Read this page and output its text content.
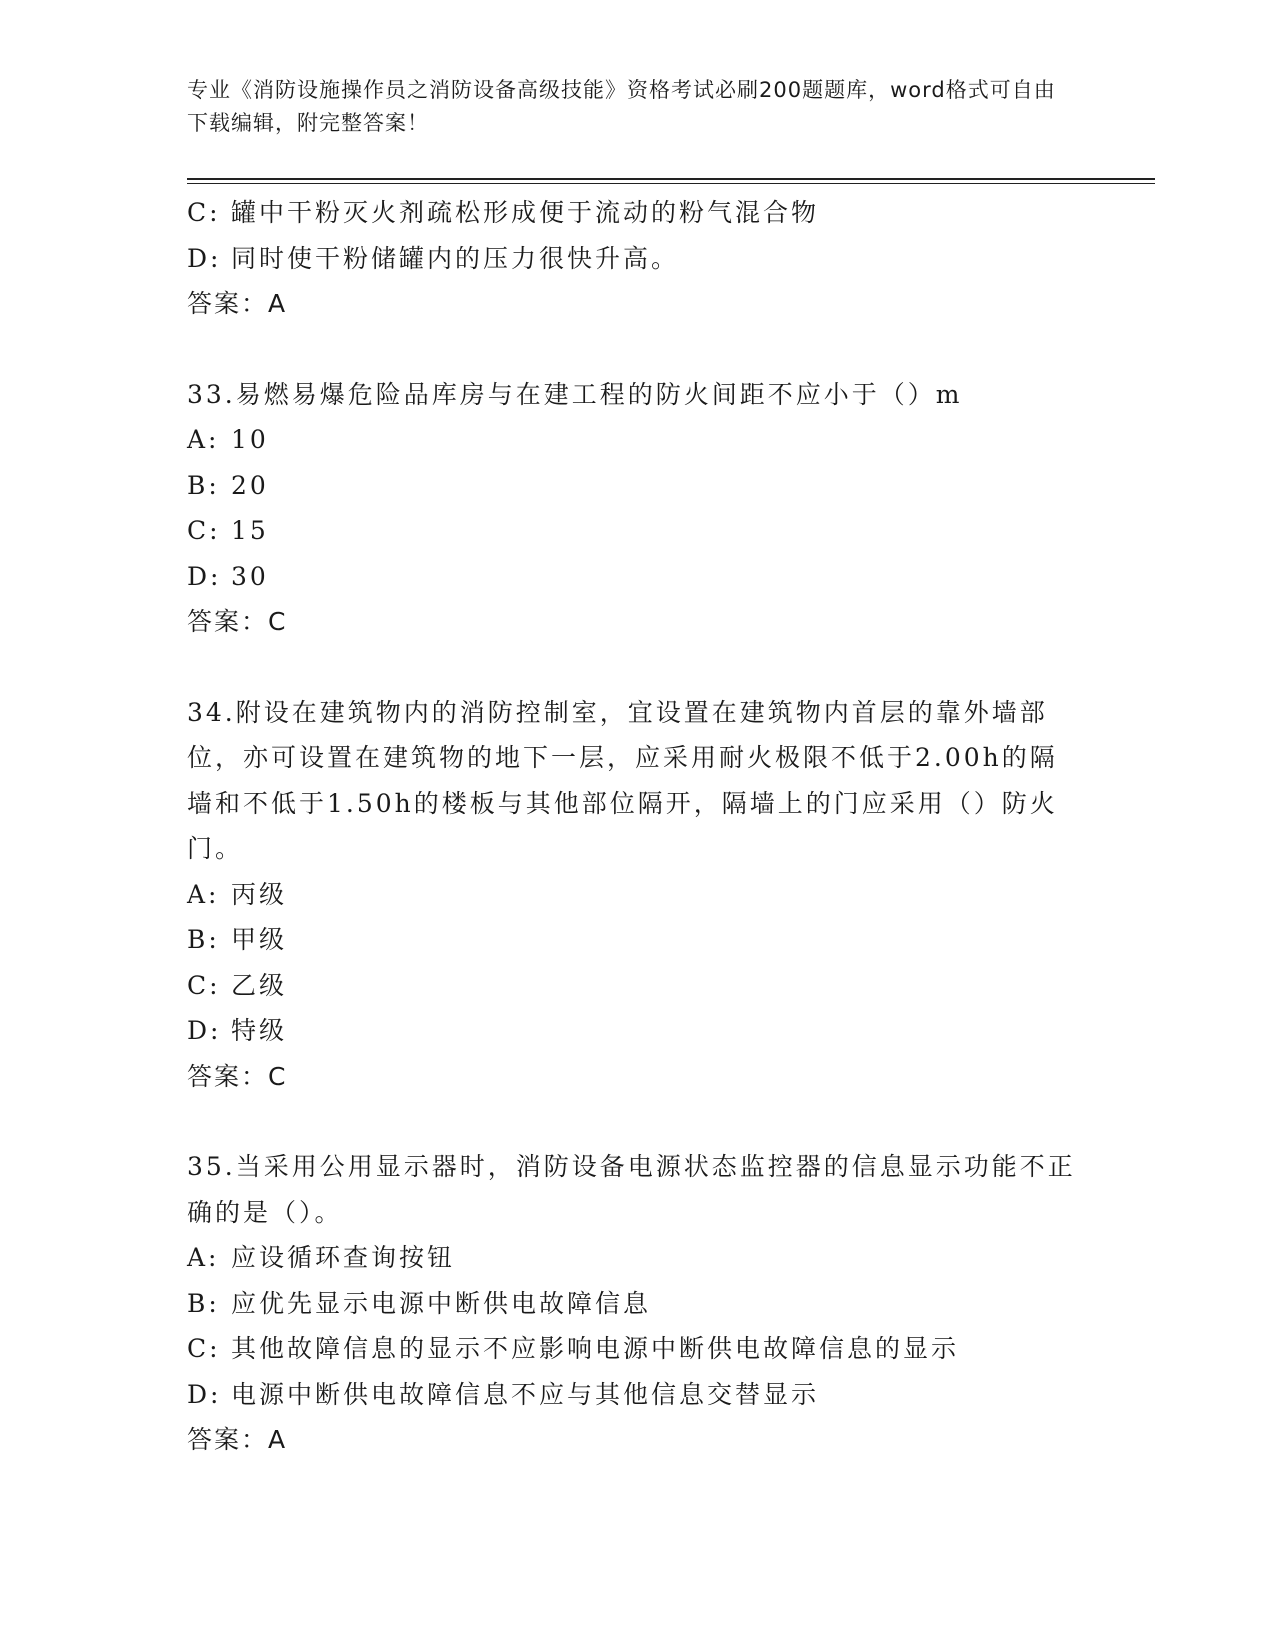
专业《消防设施操作员之消防设备高级技能》资格考试必刷200题题库，word格式可自由下载编辑，附完整答案！
C: 罐中干粉灭火剂疏松形成便于流动的粉气混合物
D: 同时使干粉储罐内的压力很快升高。
答案：A
33.易燃易爆危险品库房与在建工程的防火间距不应小于（）m
A: 10
B: 20
C: 15
D: 30
答案：C
34.附设在建筑物内的消防控制室，宜设置在建筑物内首层的靠外墙部位，亦可设置在建筑物的地下一层，应采用耐火极限不低于2.00h的隔墙和不低于1.50h的楼板与其他部位隔开，隔墙上的门应采用（）防火门。
A: 丙级
B: 甲级
C: 乙级
D: 特级
答案：C
35.当采用公用显示器时，消防设备电源状态监控器的信息显示功能不正确的是（）。
A: 应设循环查询按钮
B: 应优先显示电源中断供电故障信息
C: 其他故障信息的显示不应影响电源中断供电故障信息的显示
D: 电源中断供电故障信息不应与其他信息交替显示
答案：A
